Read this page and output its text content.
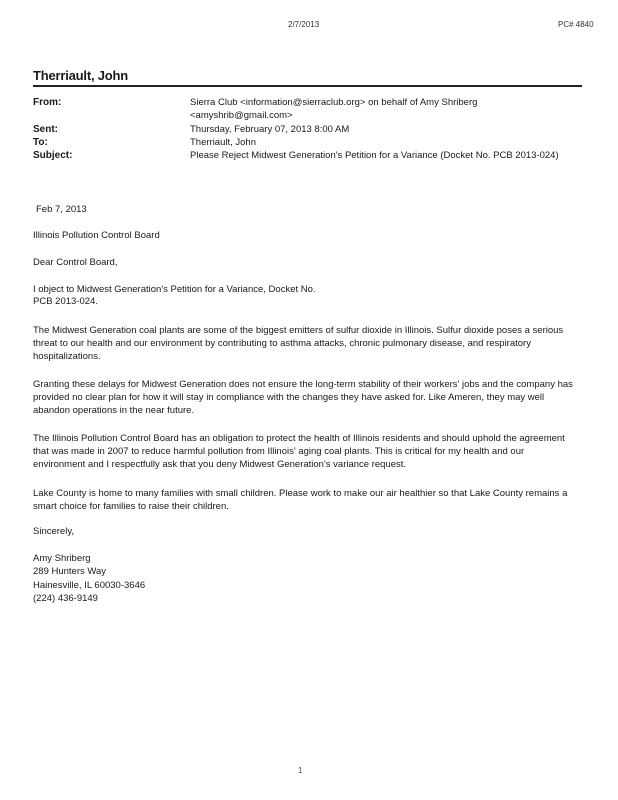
2/7/2013	PC# 4840
Therriault, John
From:	Sierra Club <information@sierraclub.org> on behalf of Amy Shriberg
<amyshrib@gmail.com>
Sent:	Thursday, February 07, 2013 8:00 AM
To:	Therriault, John
Subject:	Please Reject Midwest Generation's Petition for a Variance (Docket No. PCB 2013-024)
Feb 7, 2013
Illinois Pollution Control Board
Dear Control Board,
I object to Midwest Generation's Petition for a Variance, Docket No.
PCB 2013-024.
The Midwest Generation coal plants are some of the biggest emitters of sulfur dioxide in Illinois. Sulfur dioxide poses a serious threat to our health and our environment by contributing to asthma attacks, chronic pulmonary disease, and respiratory hospitalizations.
Granting these delays for Midwest Generation does not ensure the long-term stability of their workers' jobs and the company has provided no clear plan for how it will stay in compliance with the changes they have asked for. Like Ameren, they may well abandon operations in the near future.
The Illinois Pollution Control Board has an obligation to protect the health of Illinois residents and should uphold the agreement that was made in 2007 to reduce harmful pollution from Illinois' aging coal plants. This is critical for my health and our environment and I respectfully ask that you deny Midwest Generation's variance request.
Lake County is home to many families with small children. Please work to make our air healthier so that Lake County remains a smart choice for families to raise their children.
Sincerely,
Amy Shriberg
289 Hunters Way
Hainesville, IL 60030-3646
(224) 436-9149
1
